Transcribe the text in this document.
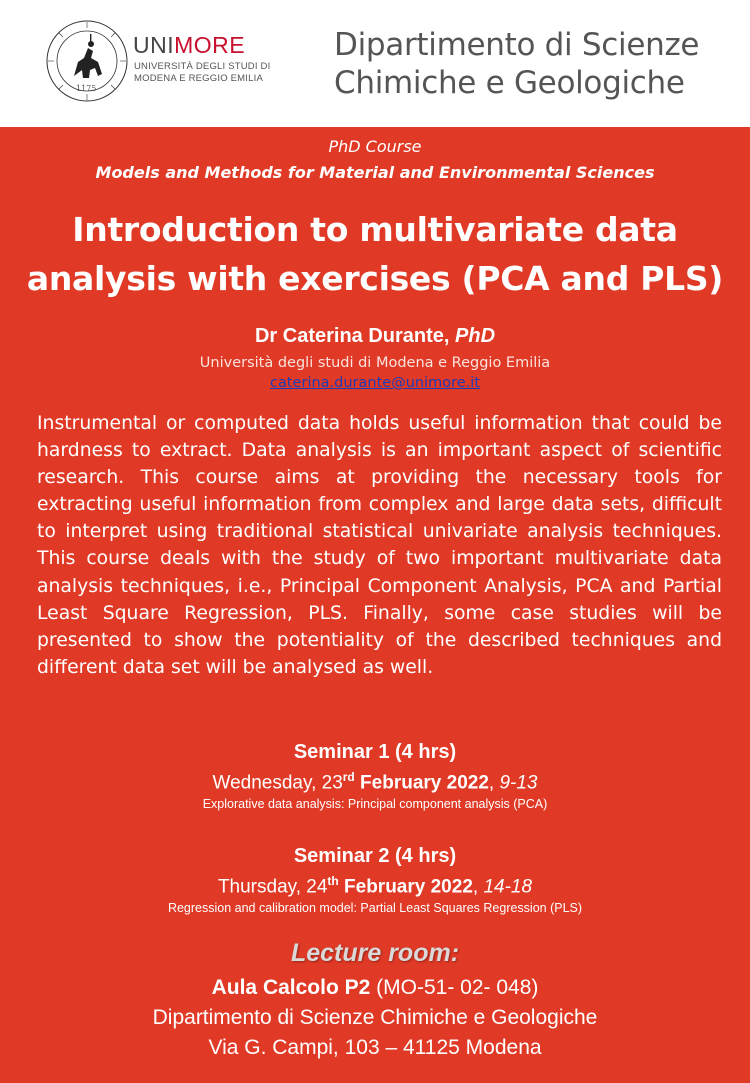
1175
UNIMORE
UNIVERSITÀ DEGLI STUDI DI
MODENA E REGGIO EMILIA
Dipartimento di Scienze
Chimiche e Geologiche
PhD Course
Models and Methods for Material and Environmental Sciences
Introduction to multivariate data
analysis with exercises (PCA and PLS)
Dr Caterina Durante, PhD
Università degli studi di Modena e Reggio Emilia
caterina.durante@unimore.it
Instrumental or computed data holds useful information that could be hardness to extract. Data analysis is an important aspect of scientific research. This course aims at providing the necessary tools for extracting useful information from complex and large data sets, difficult to interpret using traditional statistical univariate analysis techniques. This course deals with the study of two important multivariate data analysis techniques, i.e., Principal Component Analysis, PCA and Partial Least Square Regression, PLS. Finally, some case studies will be presented to show the potentiality of the described techniques and different data set will be analysed as well.
Seminar 1 (4 hrs)
Wednesday, 23rd February 2022, 9-13
Explorative data analysis: Principal component analysis (PCA)
Seminar 2 (4 hrs)
Thursday, 24th February 2022, 14-18
Regression and calibration model: Partial Least Squares Regression (PLS)
Lecture room:
Aula Calcolo P2 (MO-51- 02- 048)
Dipartimento di Scienze Chimiche e Geologiche
Via G. Campi, 103 – 41125 Modena
